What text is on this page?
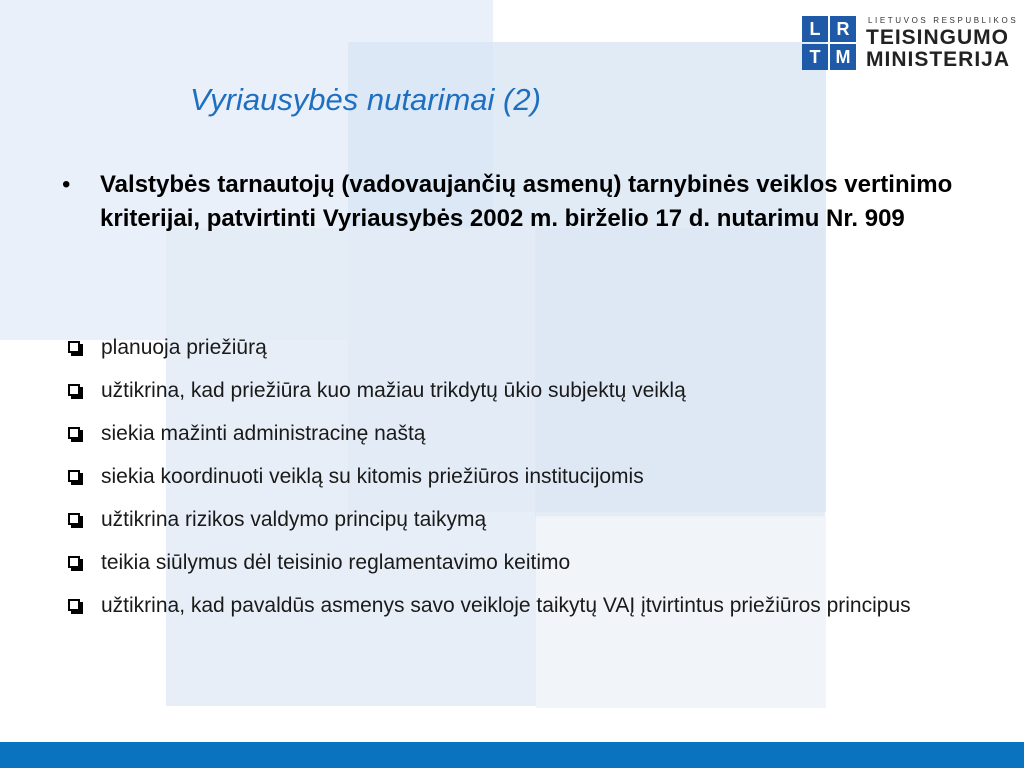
L R
T M
LIETUVOS RESPUBLIKOS
TEISINGUMO
MINISTERIJA
Vyriausybės nutarimai (2)
•	Valstybės tarnautojų (vadovaujančių asmenų) tarnybinės veiklos vertinimo kriterijai, patvirtinti Vyriausybės 2002 m. birželio 17 d. nutarimu Nr. 909
planuoja priežiūrą
užtikrina, kad priežiūra kuo mažiau trikdytų ūkio subjektų veiklą
siekia mažinti administracinę naštą
siekia koordinuoti veiklą su kitomis priežiūros institucijomis
užtikrina rizikos valdymo principų taikymą
teikia siūlymus dėl teisinio reglamentavimo keitimo
užtikrina, kad pavaldūs asmenys savo veikloje taikytų VAĮ įtvirtintus priežiūros principus
